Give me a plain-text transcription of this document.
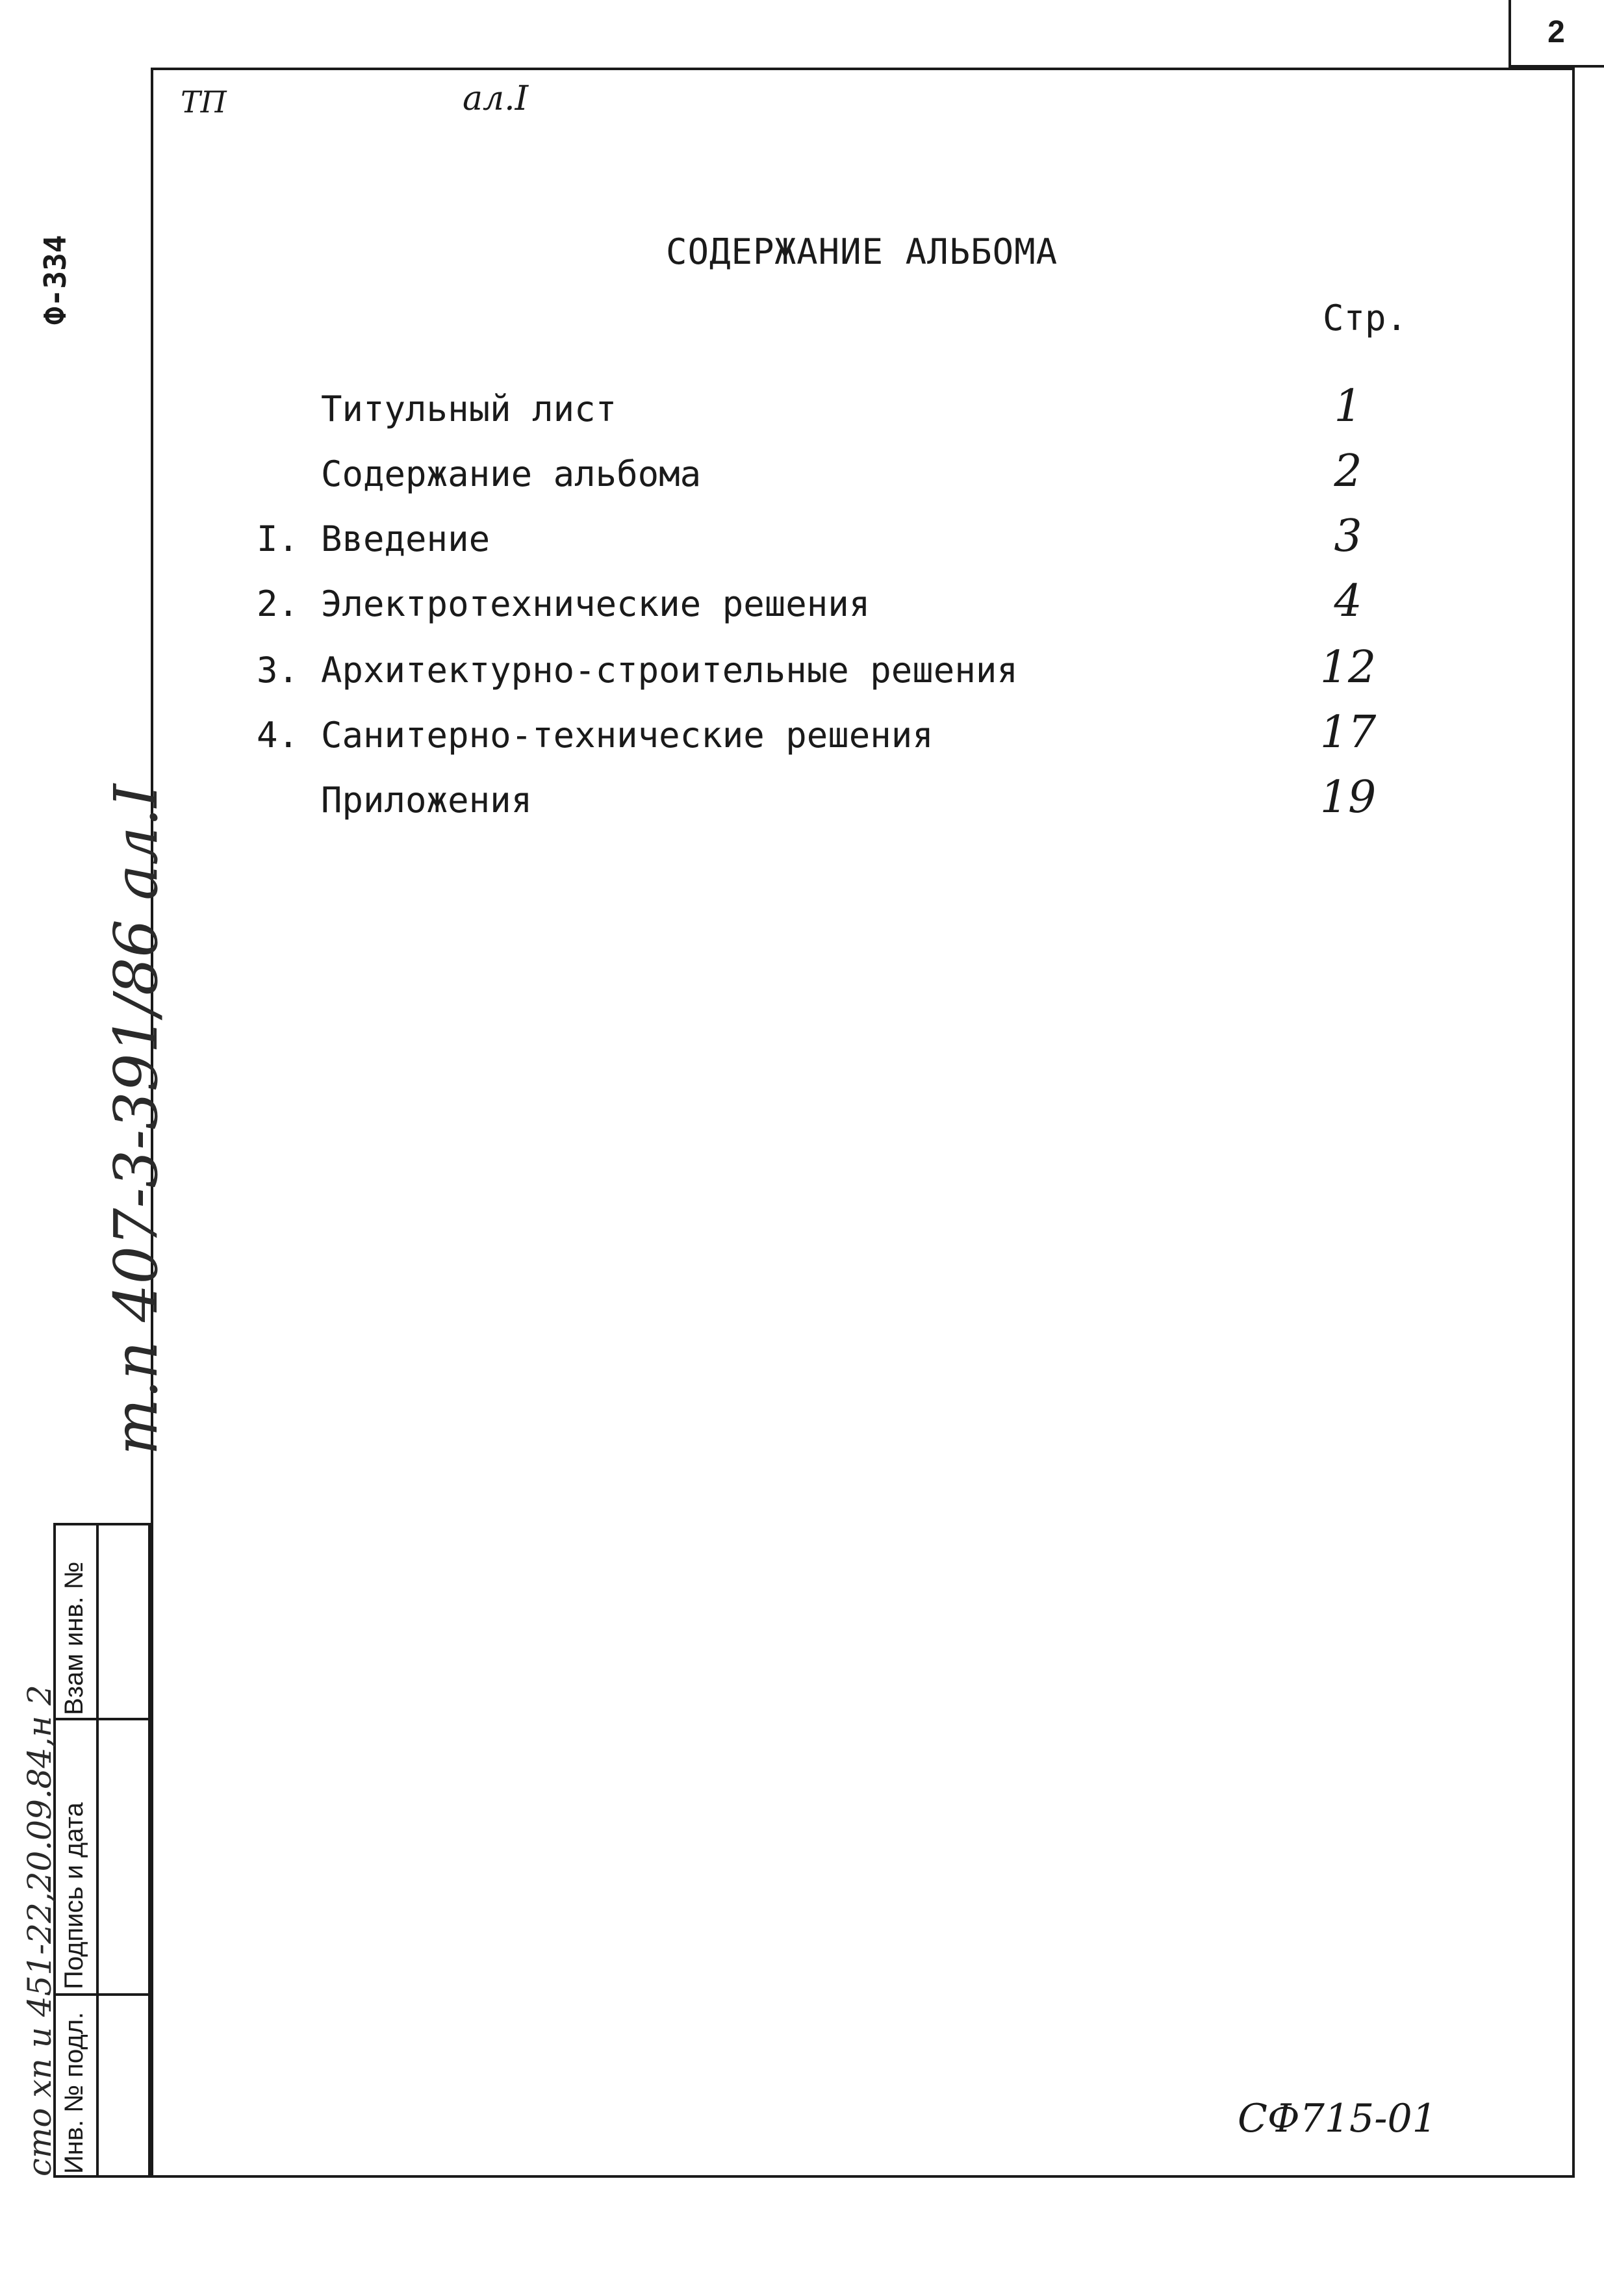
2
ТП	ал.I
СОДЕРЖАНИЕ АЛЬБОМА
Стр.
Титульный лист	1
Содержание альбома	2
I. Введение	3
2. Электротехнические решения	4
3. Архитектурно-строительные решения	12
4. Санитерно-технические решения	17
Приложения	19
Ф-334
т.п 407-3-391/86 ал.I
Взам инв. №
Подпись и дата
Инв. № подл.
сто хп и 451-22,20.09.84,н 2	СФ715-01
